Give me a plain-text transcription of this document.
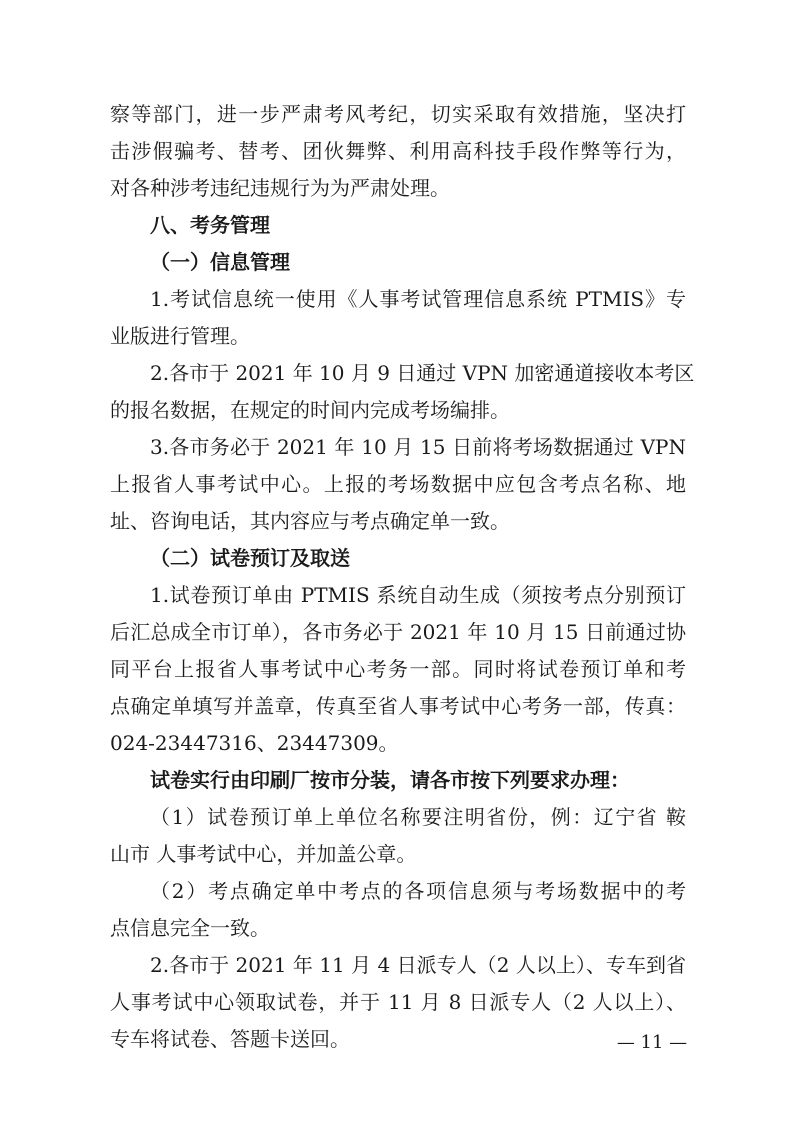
察等部门，进一步严肃考风考纪，切实采取有效措施，坚决打
击涉假骗考、替考、团伙舞弊、利用高科技手段作弊等行为，
对各种涉考违纪违规行为为严肃处理。
八、考务管理
（一）信息管理
1.考试信息统一使用《人事考试管理信息系统 PTMIS》专
业版进行管理。
2.各市于 2021 年 10 月 9 日通过 VPN 加密通道接收本考区
的报名数据，在规定的时间内完成考场编排。
3.各市务必于 2021 年 10 月 15 日前将考场数据通过 VPN
上报省人事考试中心。上报的考场数据中应包含考点名称、地
址、咨询电话，其内容应与考点确定单一致。
（二）试卷预订及取送
1.试卷预订单由 PTMIS 系统自动生成（须按考点分别预订
后汇总成全市订单），各市务必于 2021 年 10 月 15 日前通过协
同平台上报省人事考试中心考务一部。同时将试卷预订单和考
点确定单填写并盖章，传真至省人事考试中心考务一部，传真：
024-23447316、23447309。
试卷实行由印刷厂按市分装，请各市按下列要求办理：
（1）试卷预订单上单位名称要注明省份，例：辽宁省 鞍
山市 人事考试中心，并加盖公章。
（2）考点确定单中考点的各项信息须与考场数据中的考
点信息完全一致。
2.各市于 2021 年 11 月 4 日派专人（2 人以上）、专车到省
人事考试中心领取试卷，并于 11 月 8 日派专人（2 人以上）、
专车将试卷、答题卡送回。	— 11 —
